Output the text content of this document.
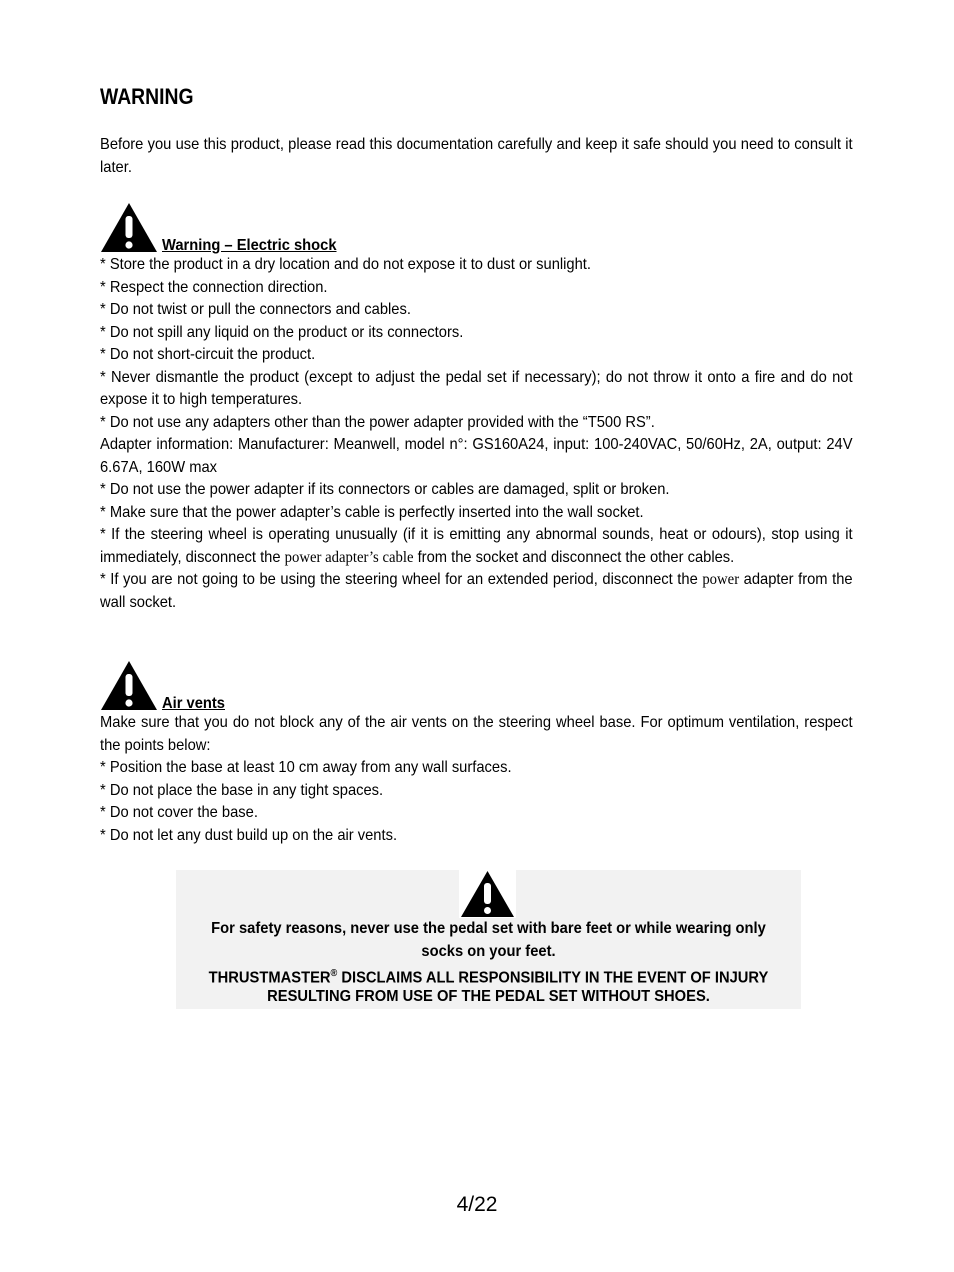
WARNING
Before you use this product, please read this documentation carefully and keep it safe should you need to consult it later.
Warning – Electric shock
* Store the product in a dry location and do not expose it to dust or sunlight.
* Respect the connection direction.
* Do not twist or pull the connectors and cables.
* Do not spill any liquid on the product or its connectors.
* Do not short-circuit the product.
* Never dismantle the product (except to adjust the pedal set if necessary); do not throw it onto a fire and do not expose it to high temperatures.
* Do not use any adapters other than the power adapter provided with the “T500 RS”.
Adapter information: Manufacturer: Meanwell, model n°: GS160A24, input: 100-240VAC, 50/60Hz, 2A, output: 24V 6.67A, 160W max
* Do not use the power adapter if its connectors or cables are damaged, split or broken.
* Make sure that the power adapter’s cable is perfectly inserted into the wall socket.
* If the steering wheel is operating unusually (if it is emitting any abnormal sounds, heat or odours), stop using it immediately, disconnect the power adapter’s cable from the socket and disconnect the other cables.
* If you are not going to be using the steering wheel for an extended period, disconnect the power adapter from the wall socket.
Air vents
Make sure that you do not block any of the air vents on the steering wheel base. For optimum ventilation, respect the points below:
* Position the base at least 10 cm away from any wall surfaces.
* Do not place the base in any tight spaces.
* Do not cover the base.
* Do not let any dust build up on the air vents.
For safety reasons, never use the pedal set with bare feet or while wearing only
socks on your feet.
THRUSTMASTER® DISCLAIMS ALL RESPONSIBILITY IN THE EVENT OF INJURY
RESULTING FROM USE OF THE PEDAL SET WITHOUT SHOES.
4/22
